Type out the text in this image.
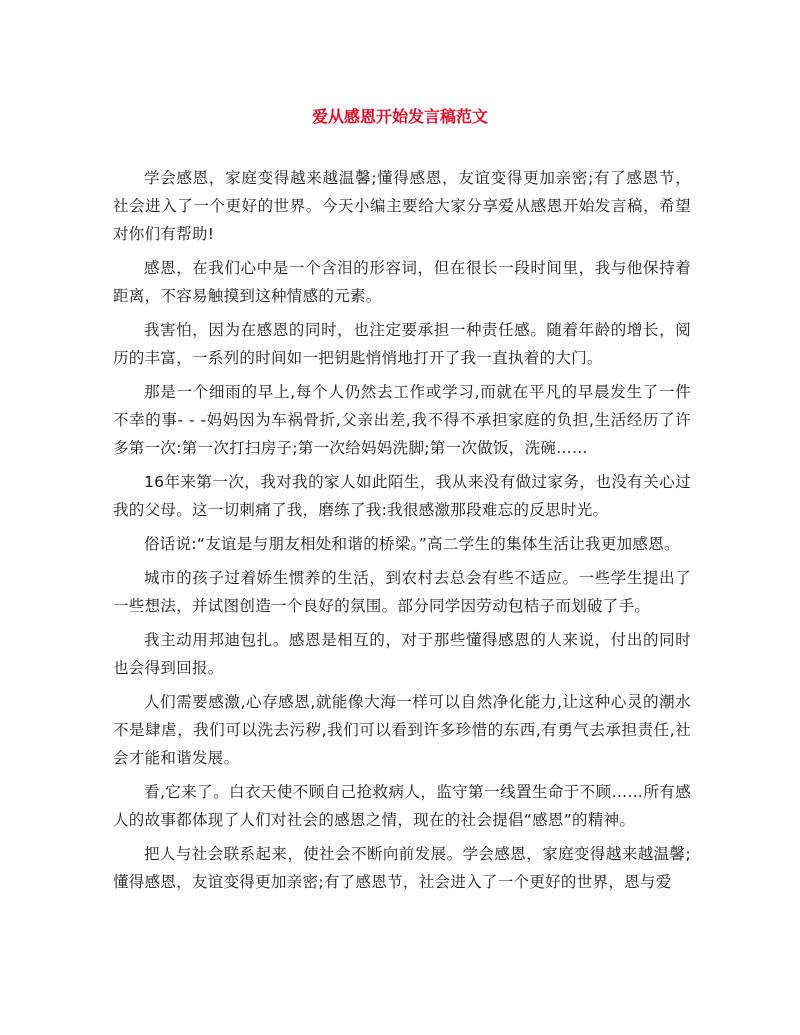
爱从感恩开始发言稿范文

学会感恩，家庭变得越来越温馨;懂得感恩，友谊变得更加亲密;有了感恩节，社会进入了一个更好的世界。今天小编主要给大家分享爱从感恩开始发言稿，希望对你们有帮助!

感恩，在我们心中是一个含泪的形容词，但在很长一段时间里，我与他保持着距离，不容易触摸到这种情感的元素。

我害怕，因为在感恩的同时，也注定要承担一种责任感。随着年龄的增长，阅历的丰富，一系列的时间如一把钥匙悄悄地打开了我一直执着的大门。

那是一个细雨的早上,每个人仍然去工作或学习,而就在平凡的早晨发生了一件不幸的事- - -妈妈因为车祸骨折,父亲出差,我不得不承担家庭的负担,生活经历了许多第一次:第一次打扫房子;第一次给妈妈洗脚;第一次做饭，洗碗……

16年来第一次，我对我的家人如此陌生，我从来没有做过家务，也没有关心过我的父母。这一切刺痛了我，磨练了我:我很感激那段难忘的反思时光。

俗话说:“友谊是与朋友相处和谐的桥梁。”高二学生的集体生活让我更加感恩。

城市的孩子过着娇生惯养的生活，到农村去总会有些不适应。一些学生提出了一些想法，并试图创造一个良好的氛围。部分同学因劳动包桔子而划破了手。

我主动用邦迪包扎。感恩是相互的，对于那些懂得感恩的人来说，付出的同时也会得到回报。

人们需要感激,心存感恩,就能像大海一样可以自然净化能力,让这种心灵的潮水不是肆虐，我们可以洗去污秽,我们可以看到许多珍惜的东西,有勇气去承担责任,社会才能和谐发展。

看,它来了。白衣天使不顾自己抢救病人，监守第一线置生命于不顾……所有感人的故事都体现了人们对社会的感恩之情，现在的社会提倡“感恩”的精神。

把人与社会联系起来，使社会不断向前发展。学会感恩，家庭变得越来越温馨;懂得感恩，友谊变得更加亲密;有了感恩节，社会进入了一个更好的世界，恩与爱
